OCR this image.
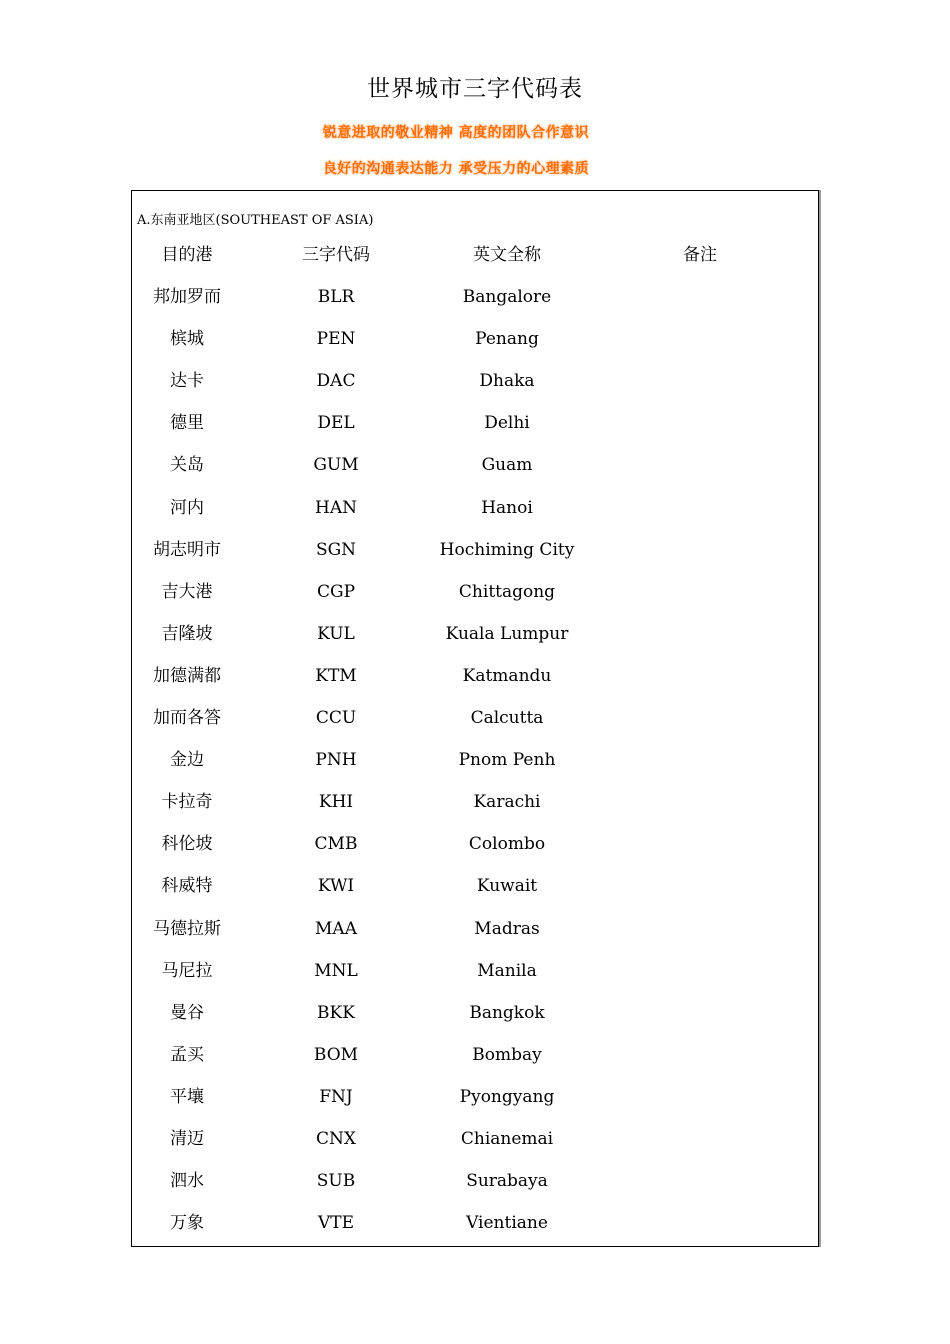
世界城市三字代码表
锐意进取的敬业精神 高度的团队合作意识
良好的沟通表达能力 承受压力的心理素质
A.东南亚地区(SOUTHEAST OF ASIA)
目的港	三字代码	英文全称	备注
邦加罗而	BLR	Bangalore
槟城	PEN	Penang
达卡	DAC	Dhaka
德里	DEL	Delhi
关岛	GUM	Guam
河内	HAN	Hanoi
胡志明市	SGN	Hochiming City
吉大港	CGP	Chittagong
吉隆坡	KUL	Kuala Lumpur
加德满都	KTM	Katmandu
加而各答	CCU	Calcutta
金边	PNH	Pnom Penh
卡拉奇	KHI	Karachi
科伦坡	CMB	Colombo
科威特	KWI	Kuwait
马德拉斯	MAA	Madras
马尼拉	MNL	Manila
曼谷	BKK	Bangkok
孟买	BOM	Bombay
平壤	FNJ	Pyongyang
清迈	CNX	Chianemai
泗水	SUB	Surabaya
万象	VTE	Vientiane
